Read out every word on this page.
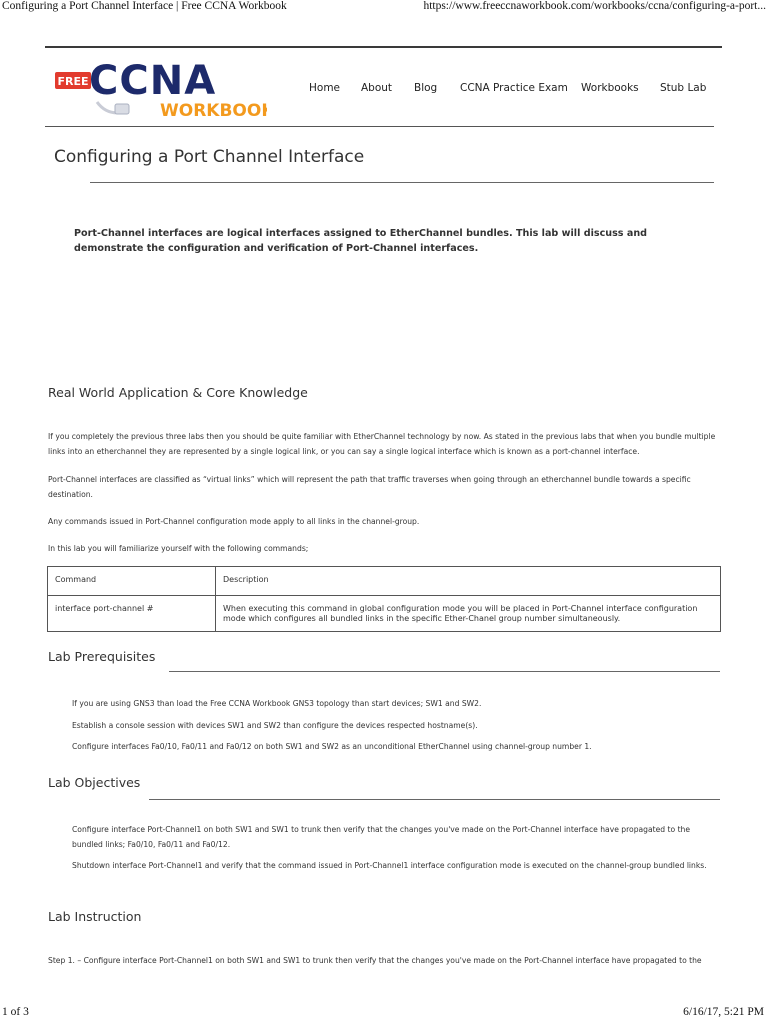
Configuring a Port Channel Interface | Free CCNA Workbook	https://www.freeccnaworkbook.com/workbooks/ccna/configuring-a-port...
FREE CCNA
WORKBOOK
Home About Blog CCNA Practice Exam Workbooks Stub Lab
Configuring a Port Channel Interface

Port-Channel interfaces are logical interfaces assigned to EtherChannel bundles. This lab will discuss and demonstrate the configuration and verification of Port-Channel interfaces.

Real World Application & Core Knowledge

If you completely the previous three labs then you should be quite familiar with EtherChannel technology by now. As stated in the previous labs that when you bundle multiple links into an etherchannel they are represented by a single logical link, or you can say a single logical interface which is known as a port-channel interface.

Port-Channel interfaces are classified as “virtual links” which will represent the path that traffic traverses when going through an etherchannel bundle towards a specific destination.

Any commands issued in Port-Channel configuration mode apply to all links in the channel-group.

In this lab you will familiarize yourself with the following commands;

Command	Description
interface port-channel #	When executing this command in global configuration mode you will be placed in Port-Channel interface configuration mode which configures all bundled links in the specific Ether-Chanel group number simultaneously.
Lab Prerequisites

If you are using GNS3 than load the Free CCNA Workbook GNS3 topology than start devices; SW1 and SW2.

Establish a console session with devices SW1 and SW2 than configure the devices respected hostname(s).

Configure interfaces Fa0/10, Fa0/11 and Fa0/12 on both SW1 and SW2 as an unconditional EtherChannel using channel-group number 1.

Lab Objectives

Configure interface Port-Channel1 on both SW1 and SW1 to trunk then verify that the changes you've made on the Port-Channel interface have propagated to the bundled links; Fa0/10, Fa0/11 and Fa0/12.

Shutdown interface Port-Channel1 and verify that the command issued in Port-Channel1 interface configuration mode is executed on the channel-group bundled links.

Lab Instruction

Step 1. – Configure interface Port-Channel1 on both SW1 and SW1 to trunk then verify that the changes you've made on the Port-Channel interface have propagated to the

1 of 3	6/16/17, 5:21 PM
